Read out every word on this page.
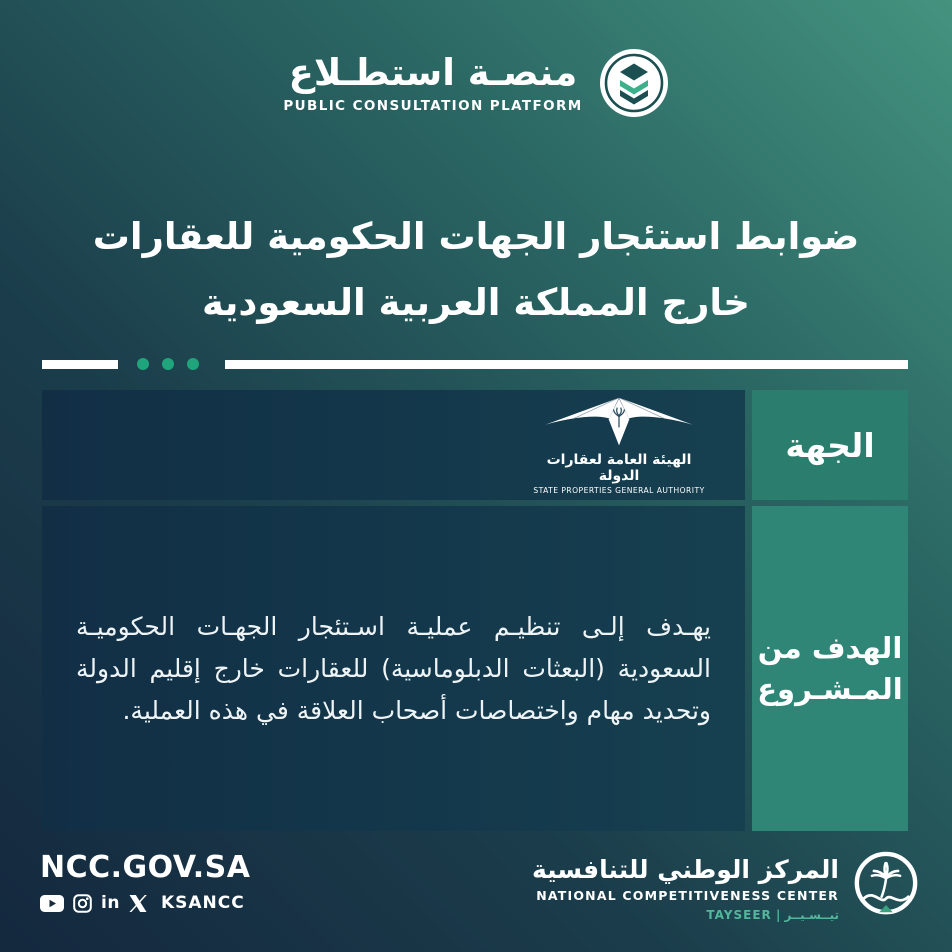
منصـة استطـلاع
PUBLIC CONSULTATION PLATFORM
ضوابط استئجار الجهات الحكومية للعقارات
خارج المملكة العربية السعودية
الهيئة العامة لعقارات الدولة
STATE PROPERTIES GENERAL AUTHORITY
الجهة

يهـدف إلـى تنظيـم عمليـة اسـتئجار الجهـات الحكوميـة السعودية (البعثات الدبلوماسية) للعقارات خارج إقليم الدولة وتحديد مهام واختصاصات أصحاب العلاقة في هذه العملية.

الهدف من
المـشـروع
NCC.GOV.SA
in KSANCC
المركز الوطني للتنافسية
NATIONAL COMPETITIVENESS CENTER
تيــسـيــر | TAYSEER
